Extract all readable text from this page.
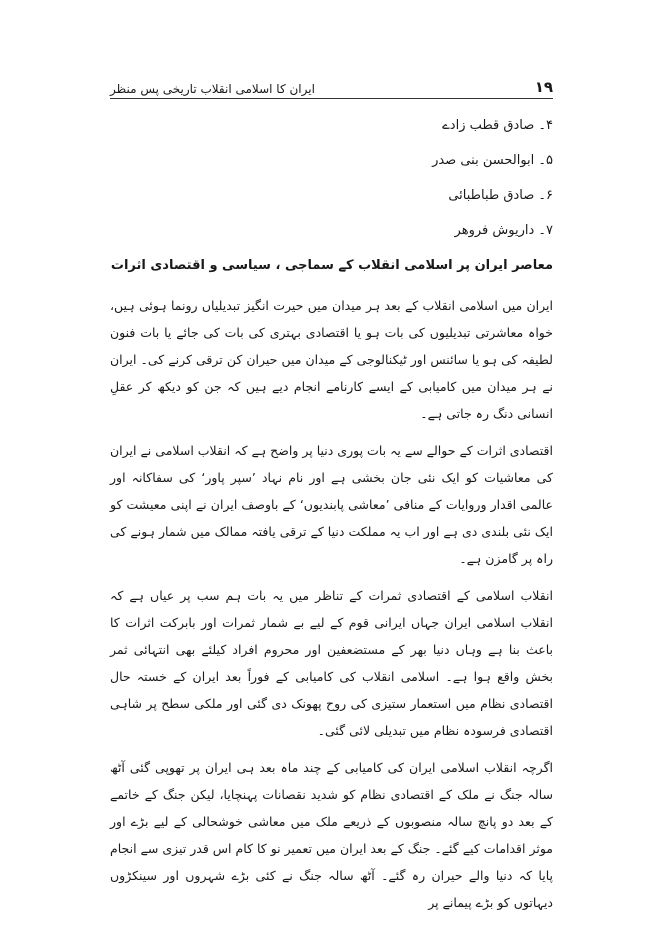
۱۹
ایران کا اسلامی انقلاب تاریخی پس منظر

۴۔ صادق قطب زادے

۵۔ ابوالحسن بنی صدر

۶۔ صادق طباطبائی

۷۔ داریوش فروھر

معاصر ایران پر اسلامی انقلاب کے سماجی ، سیاسی و اقتصادی اثرات

ایران میں اسلامی انقلاب کے بعد ہر میدان میں حیرت انگیز تبدیلیاں رونما ہوئی ہیں، خواہ معاشرتی تبدیلیوں کی بات ہو یا اقتصادی بہتری کی بات کی جائے یا بات فنون لطیفہ کی ہو یا سائنس اور ٹیکنالوجی کے میدان میں حیران کن ترقی کرنے کی۔ ایران نے ہر میدان میں کامیابی کے ایسے کارنامے انجام دیے ہیں کہ جن کو دیکھ کر عقلِ انسانی دنگ رہ جاتی ہے۔

اقتصادی اثرات کے حوالے سے یہ بات پوری دنیا پر واضح ہے کہ انقلاب اسلامی نے ایران کی معاشیات کو ایک نئی جان بخشی ہے اور نام نہاد ’سپر پاور‘ کی سفاکانہ اور عالمی اقدار وروایات کے منافی ’معاشی پابندیوں‘ کے باوصف ایران نے اپنی معیشت کو ایک نئی بلندی دی ہے اور اب یہ مملکت دنیا کے ترقی یافتہ ممالک میں شمار ہونے کی راہ پر گامزن ہے۔

انقلاب اسلامی کے اقتصادی ثمرات کے تناظر میں یہ بات ہم سب پر عیاں ہے کہ انقلاب اسلامی ایران جہاں ایرانی قوم کے لیے بے شمار ثمرات اور بابرکت اثرات کا باعث بنا ہے وہاں دنیا بھر کے مستضعفین اور محروم افراد کیلئے بھی انتہائی ثمر بخش واقع ہوا ہے۔ اسلامی انقلاب کی کامیابی کے فوراً بعد ایران کے خستہ حال اقتصادی نظام میں استعمار ستیزی کی روح پھونک دی گئی اور ملکی سطح پر شاہی اقتصادی فرسودہ نظام میں تبدیلی لائی گئی۔

اگرچہ انقلاب اسلامی ایران کی کامیابی کے چند ماہ بعد ہی ایران پر تھوپی گئی آٹھ سالہ جنگ نے ملک کے اقتصادی نظام کو شدید نقصانات پہنچایا، لیکن جنگ کے خاتمے کے بعد دو پانچ سالہ منصوبوں کے ذریعے ملک میں معاشی خوشحالی کے لیے بڑے اور موثر اقدامات کیے گئے۔ جنگ کے بعد ایران میں تعمیر نو کا کام اس قدر تیزی سے انجام پایا کہ دنیا والے حیران رہ گئے۔ آٹھ سالہ جنگ نے کئی بڑے شہروں اور سینکڑوں دیہاتوں کو بڑے پیمانے پر
